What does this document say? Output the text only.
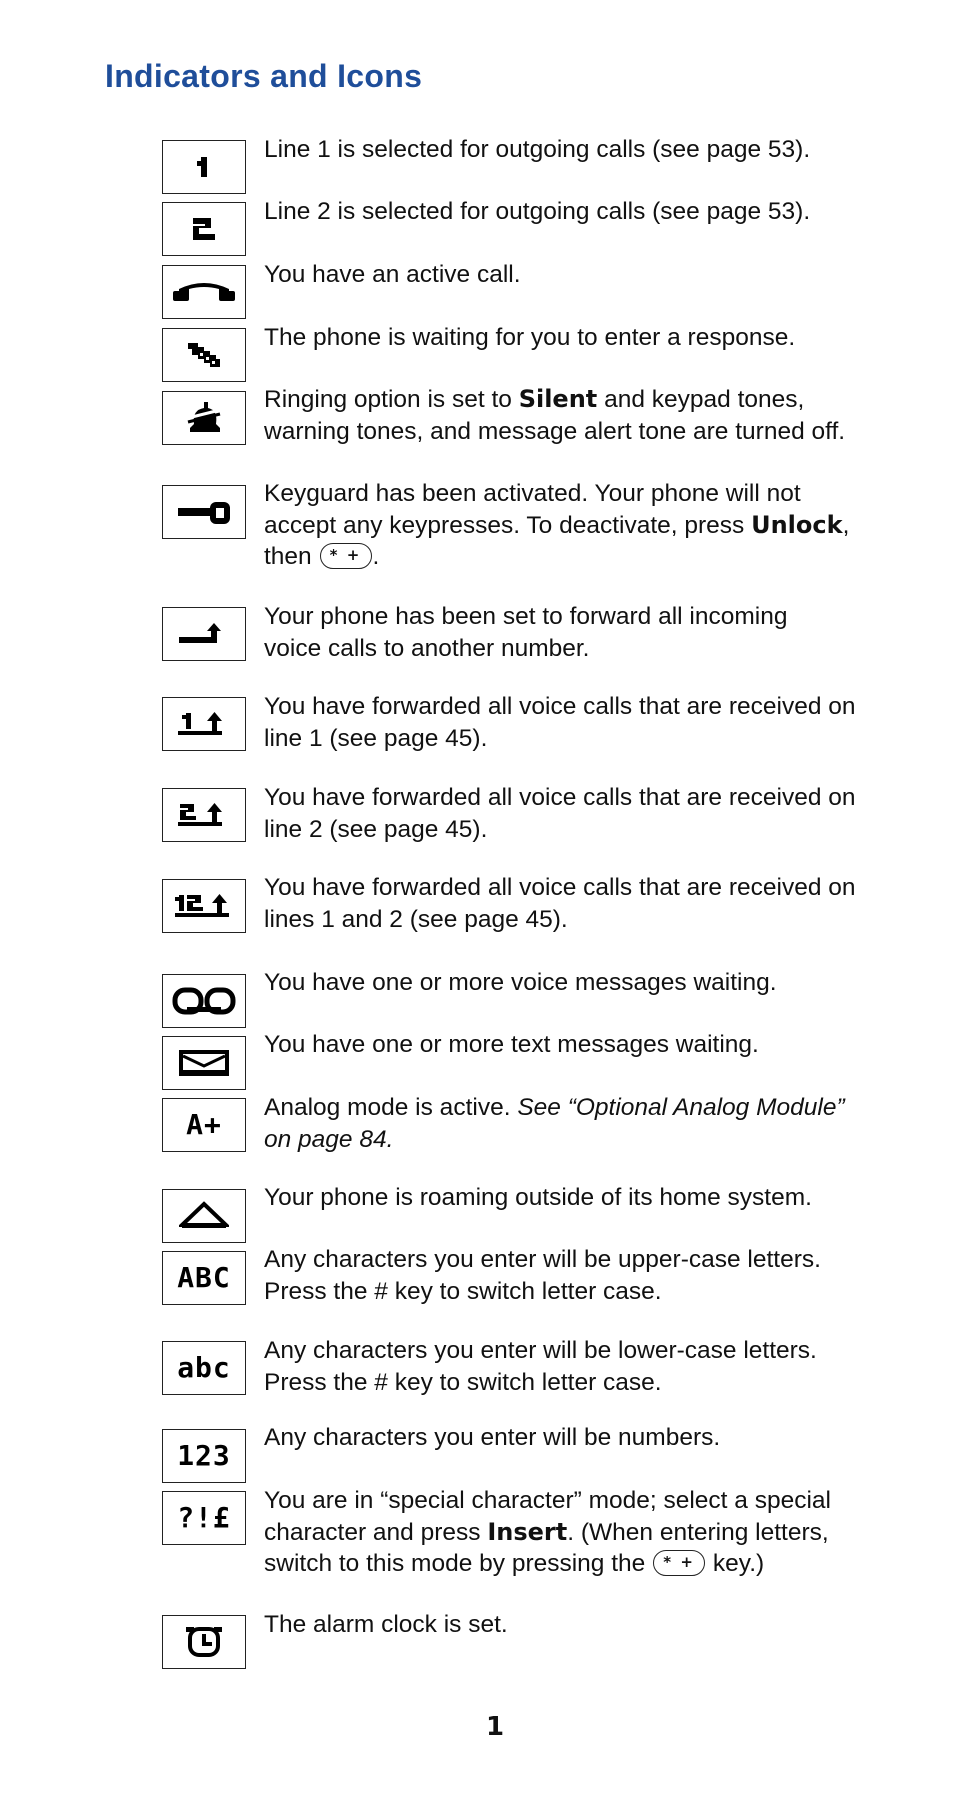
Indicators and Icons
Line 1 is selected for outgoing calls (see page 53).
Line 2 is selected for outgoing calls (see page 53).
You have an active call.
The phone is waiting for you to enter a response.
Ringing option is set to Silent and keypad tones,
warning tones, and message alert tone are turned off.
Keyguard has been activated. Your phone will not
accept any keypresses. To deactivate, press Unlock,
then * + .
Your phone has been set to forward all incoming
voice calls to another number.
You have forwarded all voice calls that are received on
line 1 (see page 45).
You have forwarded all voice calls that are received on
line 2 (see page 45).
You have forwarded all voice calls that are received on
lines 1 and 2 (see page 45).
You have one or more voice messages waiting.
You have one or more text messages waiting.
A+
Analog mode is active. See “Optional Analog Module”
on page 84.
Your phone is roaming outside of its home system.
ABC
Any characters you enter will be upper-case letters.
Press the # key to switch letter case.
abc
Any characters you enter will be lower-case letters.
Press the # key to switch letter case.
123
Any characters you enter will be numbers.
?!£
You are in “special character” mode; select a special
character and press Insert. (When entering letters,
switch to this mode by pressing the * + key.)
The alarm clock is set.
1
